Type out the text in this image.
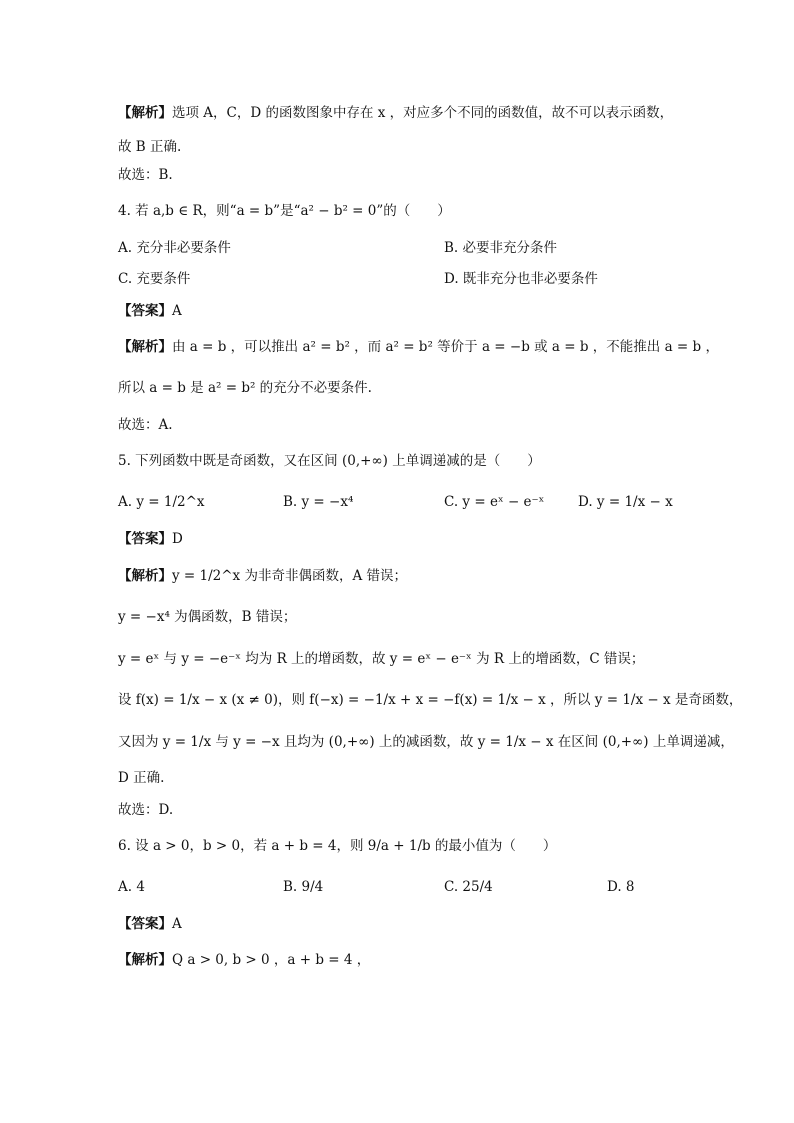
【解析】选项 A，C，D 的函数图象中存在 x ，对应多个不同的函数值，故不可以表示函数，
故 B 正确.
故选：B.
4. 若 a,b ∈ R，则“a = b”是“a² − b² = 0”的（　　）
A. 充分非必要条件	B. 必要非充分条件
C. 充要条件	D. 既非充分也非必要条件
【答案】A
【解析】由 a = b ，可以推出 a² = b² ，而 a² = b² 等价于 a = −b 或 a = b ，不能推出 a = b ，
所以 a = b 是 a² = b² 的充分不必要条件.
故选：A.
5. 下列函数中既是奇函数，又在区间 (0,+∞) 上单调递减的是（　　）
A. y = 1/2^x	B. y = −x⁴	C. y = eˣ − e⁻ˣ D. y = 1/x − x
【答案】D
【解析】y = 1/2^x 为非奇非偶函数，A 错误；
y = −x⁴ 为偶函数，B 错误；
y = eˣ 与 y = −e⁻ˣ 均为 R 上的增函数，故 y = eˣ − e⁻ˣ 为 R 上的增函数，C 错误；
设 f(x) = 1/x − x (x ≠ 0)，则 f(−x) = −1/x + x = −f(x) = 1/x − x ，所以 y = 1/x − x 是奇函数，
又因为 y = 1/x 与 y = −x 且均为 (0,+∞) 上的减函数，故 y = 1/x − x 在区间 (0,+∞) 上单调递减，
D 正确.
故选：D.
6. 设 a > 0，b > 0，若 a + b = 4，则 9/a + 1/b 的最小值为（　　）
A. 4	B. 9/4	C. 25/4	D. 8
【答案】A
【解析】Q a > 0, b > 0 ，a + b = 4 ，
